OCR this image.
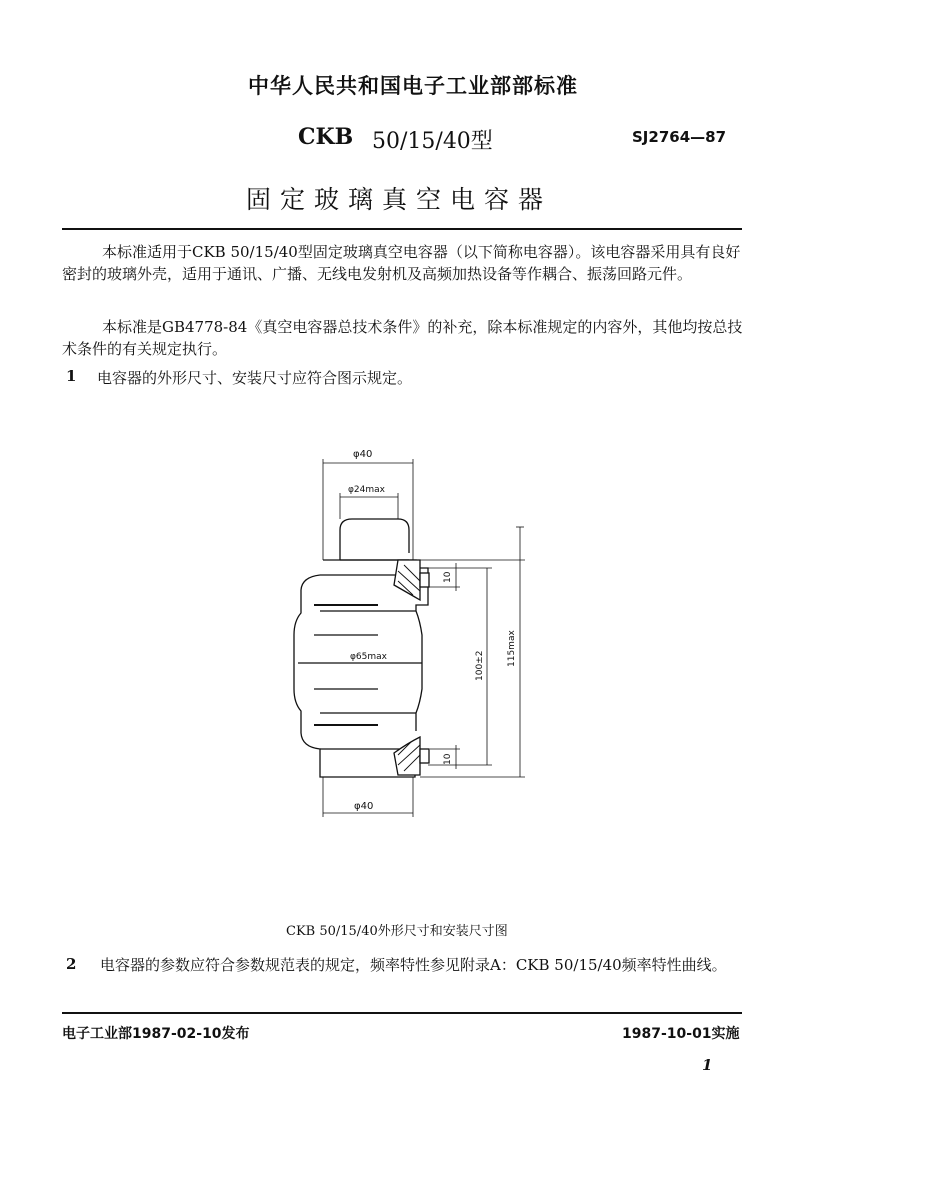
中华人民共和国电子工业部部标准
CKB 50/15/40型	SJ2764—87
固定玻璃真空电容器
本标准适用于CKB 50/15/40型固定玻璃真空电容器（以下简称电容器）。该电容器采用具有良好密封的玻璃外壳，适用于通讯、广播、无线电发射机及高频加热设备等作耦合、振荡回路元件。
本标准是GB4778-84《真空电容器总技术条件》的补充，除本标准规定的内容外，其他均按总技术条件的有关规定执行。
1 电容器的外形尺寸、安装尺寸应符合图示规定。
φ40
φ24max
φ65max
φ40
10
10
100±2 115max
CKB 50/15/40外形尺寸和安装尺寸图
2	电容器的参数应符合参数规范表的规定，频率特性参见附录A：CKB 50/15/40频率特性曲线。
电子工业部1987-02-10发布	1987-10-01实施
1
